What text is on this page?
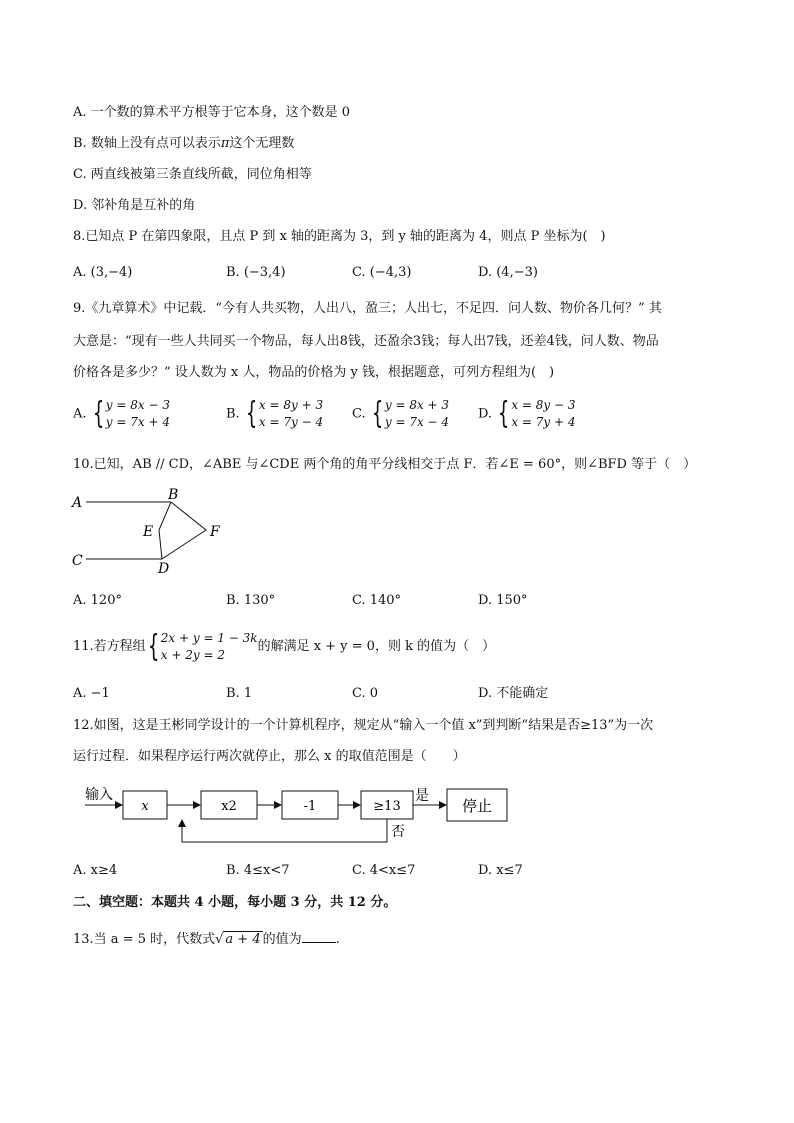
A. 一个数的算术平方根等于它本身，这个数是 0
B. 数轴上没有点可以表示π这个无理数
C. 两直线被第三条直线所截，同位角相等
D. 邻补角是互补的角
8.已知点 P 在第四象限，且点 P 到 x 轴的距离为 3，到 y 轴的距离为 4，则点 P 坐标为(　)
A. (3,−4)	B. (−3,4)	C. (−4,3)	D. (4,−3)
9.《九章算术》中记载．“今有人共买物，人出八，盈三；人出七，不足四．问人数、物价各几何？” 其
大意是：“现有一些人共同买一个物品，每人出8钱，还盈余3钱；每人出7钱，还差4钱，问人数、物品
价格各是多少？” 设人数为 x 人，物品的价格为 y 钱，根据题意，可列方程组为(　)
A. { y = 8x − 3
y = 7x + 4
B. { x = 8y + 3
x = 7y − 4
C. { y = 8x + 3
y = 7x − 4
D. { x = 8y − 3
x = 7y + 4
10.已知，AB // CD，∠ABE 与∠CDE 两个角的角平分线相交于点 F．若∠E = 60°，则∠BFD 等于（　）
A	B
C	D
E	F
A. 120°	B. 130°	C. 140°	D. 150°
11.若方程组 { 2x + y = 1 − 3k
x + 2y = 2
的解满足 x + y = 0，则 k 的值为（　）
A. −1	B. 1	C. 0	D. 不能确定
12.如图，这是王彬同学设计的一个计算机程序，规定从“输入一个值 x”到判断“结果是否≥13”为一次
运行过程．如果程序运行两次就停止，那么 x 的取值范围是（　　）
输入
x	x2	-1	≥13
是
停止
否
A. x≥4	B. 4≤x<7	C. 4<x≤7	D. x≤7
二、填空题：本题共 4 小题，每小题 3 分，共 12 分。
13.当 a = 5 时，代数式√ a + 4 的值为	.
